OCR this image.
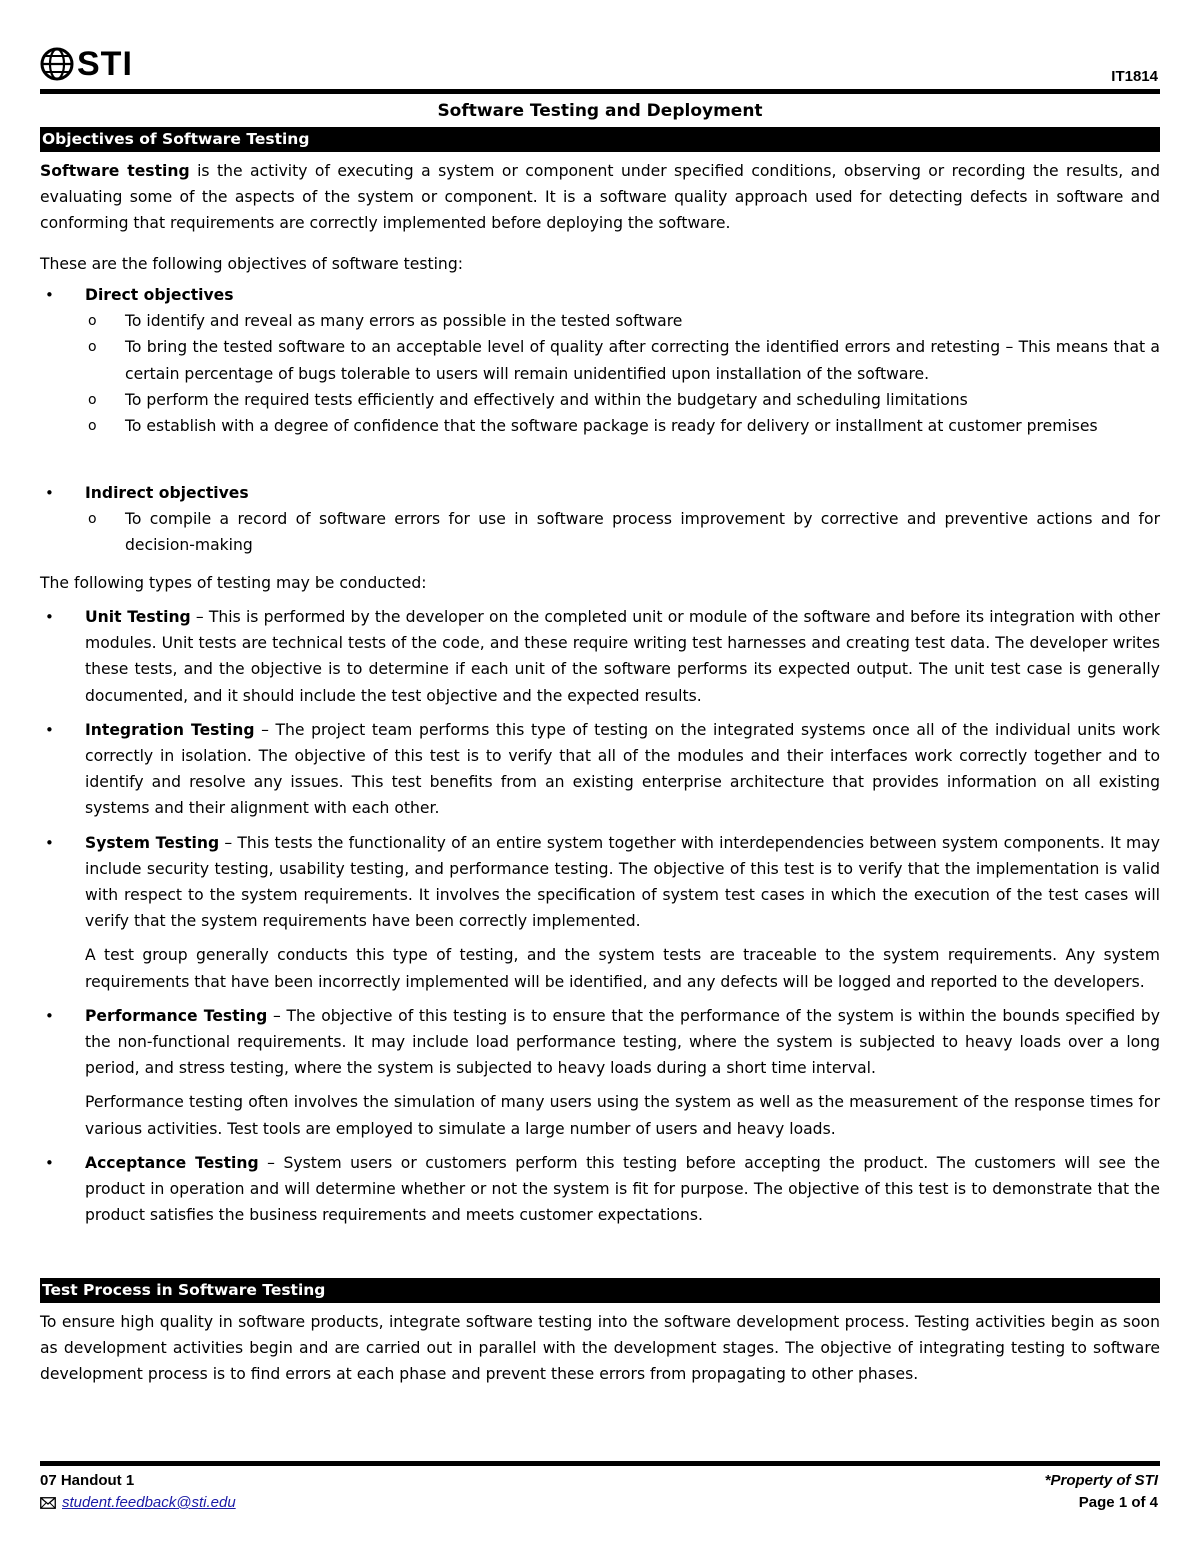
STI	IT1814
Software Testing and Deployment
Objectives of Software Testing
Software testing is the activity of executing a system or component under specified conditions, observing or recording the results, and evaluating some of the aspects of the system or component. It is a software quality approach used for detecting defects in software and conforming that requirements are correctly implemented before deploying the software.
These are the following objectives of software testing:
• Direct objectives
o To identify and reveal as many errors as possible in the tested software
o To bring the tested software to an acceptable level of quality after correcting the identified errors and retesting – This means that a certain percentage of bugs tolerable to users will remain unidentified upon installation of the software.
o To perform the required tests efficiently and effectively and within the budgetary and scheduling limitations
o To establish with a degree of confidence that the software package is ready for delivery or installment at customer premises
• Indirect objectives
o To compile a record of software errors for use in software process improvement by corrective and preventive actions and for decision-making
The following types of testing may be conducted:
• Unit Testing – This is performed by the developer on the completed unit or module of the software and before its integration with other modules. Unit tests are technical tests of the code, and these require writing test harnesses and creating test data. The developer writes these tests, and the objective is to determine if each unit of the software performs its expected output. The unit test case is generally documented, and it should include the test objective and the expected results.
• Integration Testing – The project team performs this type of testing on the integrated systems once all of the individual units work correctly in isolation. The objective of this test is to verify that all of the modules and their interfaces work correctly together and to identify and resolve any issues. This test benefits from an existing enterprise architecture that provides information on all existing systems and their alignment with each other.
• System Testing – This tests the functionality of an entire system together with interdependencies between system components. It may include security testing, usability testing, and performance testing. The objective of this test is to verify that the implementation is valid with respect to the system requirements. It involves the specification of system test cases in which the execution of the test cases will verify that the system requirements have been correctly implemented.
A test group generally conducts this type of testing, and the system tests are traceable to the system requirements. Any system requirements that have been incorrectly implemented will be identified, and any defects will be logged and reported to the developers.
• Performance Testing – The objective of this testing is to ensure that the performance of the system is within the bounds specified by the non-functional requirements. It may include load performance testing, where the system is subjected to heavy loads over a long period, and stress testing, where the system is subjected to heavy loads during a short time interval.
Performance testing often involves the simulation of many users using the system as well as the measurement of the response times for various activities. Test tools are employed to simulate a large number of users and heavy loads.
• Acceptance Testing – System users or customers perform this testing before accepting the product. The customers will see the product in operation and will determine whether or not the system is fit for purpose. The objective of this test is to demonstrate that the product satisfies the business requirements and meets customer expectations.
Test Process in Software Testing
To ensure high quality in software products, integrate software testing into the software development process. Testing activities begin as soon as development activities begin and are carried out in parallel with the development stages. The objective of integrating testing to software development process is to find errors at each phase and prevent these errors from propagating to other phases.
07 Handout 1
student.feedback@sti.edu
*Property of STI
Page 1 of 4
